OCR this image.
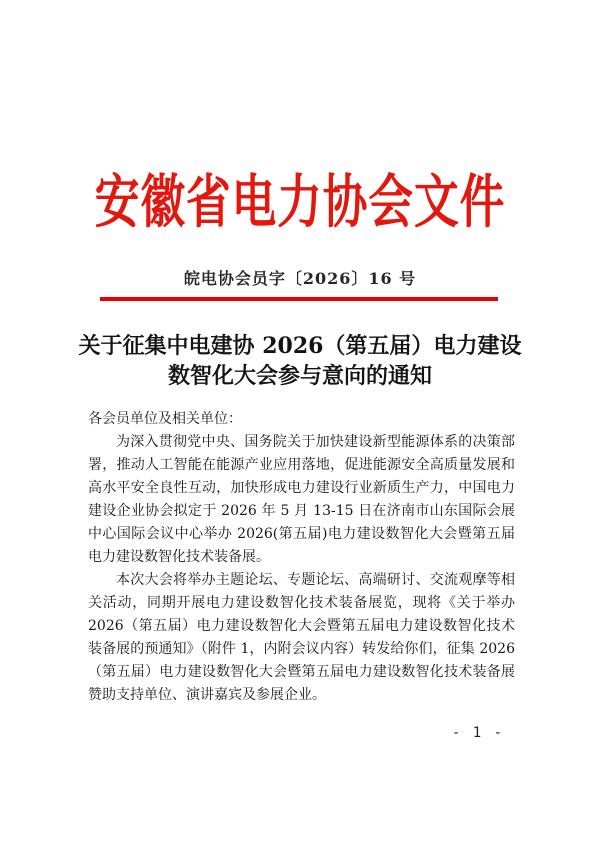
安徽省电力协会文件
皖电协会员字〔2026〕16 号
关于征集中电建协 2026（第五届）电力建设
数智化大会参与意向的通知
各会员单位及相关单位：
为深入贯彻党中央、国务院关于加快建设新型能源体系的决策部署，推动人工智能在能源产业应用落地，促进能源安全高质量发展和高水平安全良性互动，加快形成电力建设行业新质生产力，中国电力建设企业协会拟定于 2026 年 5 月 13-15 日在济南市山东国际会展中心国际会议中心举办 2026(第五届)电力建设数智化大会暨第五届电力建设数智化技术装备展。
本次大会将举办主题论坛、专题论坛、高端研讨、交流观摩等相关活动，同期开展电力建设数智化技术装备展览，现将《关于举办 2026（第五届）电力建设数智化大会暨第五届电力建设数智化技术装备展的预通知》（附件 1，内附会议内容）转发给你们，征集 2026（第五届）电力建设数智化大会暨第五届电力建设数智化技术装备展赞助支持单位、演讲嘉宾及参展企业。
- 1 -
